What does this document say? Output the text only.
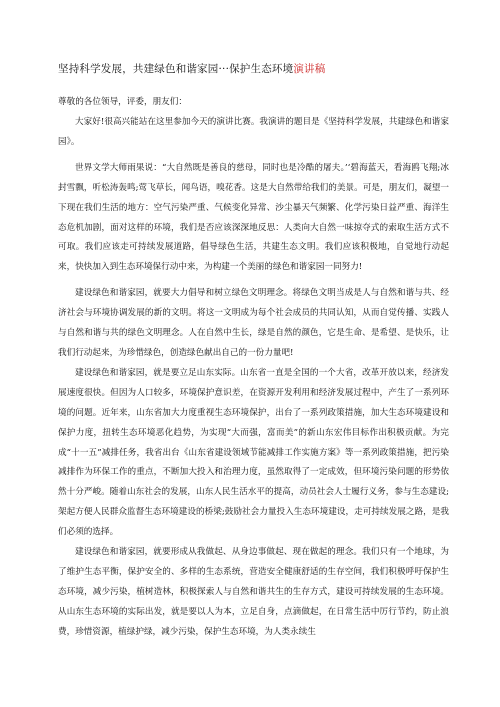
坚持科学发展，共建绿色和谐家园···保护生态环境演讲稿
尊敬的各位领导，评委，朋友们：

大家好!很高兴能站在这里参加今天的演讲比赛。我演讲的题目是《坚持科学发展，共建绿色和谐家园》。

世界文学大师雨果说：“大自然既是善良的慈母，同时也是冷酷的屠夫。’‘碧海蓝天，看海鸥飞翔;冰封雪飘，听松涛轰鸣;莺飞草长，闻鸟语，嗅花香。这是大自然带给我们的美景。可是，朋友们，凝望一下现在我们生活的地方：空气污染严重、气候变化异常、沙尘暴天气频繁、化学污染日益严重、海洋生态危机加剧，面对这样的环境，我们是否应该深深地反思：人类向大自然一味掠夺式的索取生活方式不可取。我们应该走可持续发展道路，倡导绿色生活，共建生态文明。我们应该积极地，自觉地行动起来，快快加入到生态环境保行动中来，为构建一个美丽的绿色和谐家园一同努力!

建设绿色和谐家园，就要大力倡导和树立绿色文明理念。将绿色文明当成是人与自然和谐与共、经济社会与环境协调发展的新的文明。将这一文明成为每个社会成员的共同认知，从而自觉传播、实践人与自然和谐与共的绿色文明理念。人在自然中生长，绿是自然的颜色，它是生命、是希望、是快乐，让我们行动起来，为珍惜绿色，创造绿色献出自己的一份力量吧!

建设绿色和谐家园，就是要立足山东实际。山东省一直是全国的一个大省，改革开放以来，经济发展速度很快。但因为人口较多，环境保护意识差，在资源开发利用和经济发展过程中，产生了一系列环境的问题。近年来，山东省加大力度重视生态环境保护，出台了一系列政策措施，加大生态环境建设和保护力度，扭转生态环境恶化趋势，为实现“大而强，富而美”的新山东宏伟目标作出积极贡献。为完成“十一五”减排任务，我省出台《山东省建设领域节能减排工作实施方案》等一系列政策措施，把污染减排作为环保工作的重点，不断加大投入和治理力度，虽然取得了一定成效，但环境污染问题的形势依然十分严峻。随着山东社会的发展，山东人民生活水平的提高，动员社会人士履行义务，参与生态建设;架起方便人民群众监督生态环境建设的桥梁;鼓励社会力量投入生态环境建设，走可持续发展之路，是我们必须的选择。

建设绿色和谐家园，就要形成从我做起、从身边事做起、现在做起的理念。我们只有一个地球，为了维护生态平衡，保护安全的、多样的生态系统，营造安全健康舒适的生存空间，我们积极呼吁保护生态环境，减少污染，植树造林，积极探索人与自然和谐共生的生存方式，建设可持续发展的生态环境。从山东生态环境的实际出发，就是要以人为本，立足自身，点滴做起，在日常生活中厉行节约，防止浪费，珍惜资源，植绿护绿，减少污染，保护生态环境，为人类永续生
